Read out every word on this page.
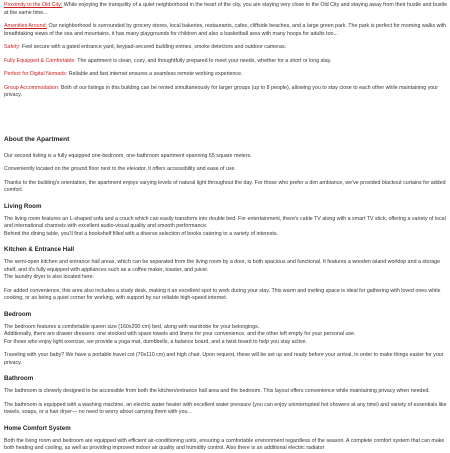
Proximity to the Old City: While enjoying the tranquility of a quiet neighborhood in the heart of the city, you are staying very close to the Old City and staying away from their hustle and bustle at the same time...

Amenities Around: Our neighborhood is surrounded by grocery stores, local bakeries, restaurants, cafes, cliffside beaches, and a large green park. The park is perfect for morning walks with breathtaking views of the sea and mountains, it has many playgrounds for children and also a basketball area with many hoops for adults too...

Safety: Feel secure with a gated entrance yard, keypad-secured building entries, smoke detectors and outdoor cameras.

Fully Equipped & Comfortable: The apartment is clean, cozy, and thoughtfully prepared to meet your needs, whether for a short or long stay.

Perfect for Digital Nomads: Reliable and fast internet ensures a seamless remote working experience.

Group Accommodation: Both of our listings in this building can be rented simultaneously for larger groups (up to 8 people), allowing you to stay close to each other while maintaining your privacy.

About the Apartment

Our second listing is a fully equipped one-bedroom, one-bathroom apartment spanning 65 square meters.

Conveniently located on the ground floor next to the elevator, it offers accessibility and ease of use.

Thanks to the building's orientation, the apartment enjoys varying levels of natural light throughout the day. For those who prefer a dim ambiance, we've provided blackout curtains for added comfort.

Living Room

The living room features an L-shaped sofa and a couch which can easily transform into double bed. For entertainment, there's cable TV along with a smart TV stick, offering a variety of local and international channels with excellent audio-visual quality and smooth performance.

Behind the dining table, you'll find a bookshelf filled with a diverse selection of books catering to a variety of interests.

Kitchen & Entrance Hall

The semi-open kitchen and entrance hall areas, which can be separated from the living room by a door, is both spacious and functional. It features a wooden island worktop and a storage shelf, and it's fully equipped with appliances such as a coffee maker, toaster, and juicer.

The laundry dryer is also located here.

For added convenience, this area also includes a study desk, making it an excellent spot to work during your stay. This warm and inviting space is ideal for gathering with loved ones while cooking, or as being a quiet corner for working, with support by our reliable high-speed internet.

Bedroom

The bedroom features a comfortable queen size (160x200 cm) bed, along with wardrobe for your belongings.

Additionally, there are drawer dressers: one stocked with spare towels and linens for your convenience, and the other left empty for your personal use.

For those who enjoy light exercise, we provide a yoga mat, dumbbells, a balance board, and a twist board to help you stay active.

Traveling with your baby? We have a portable travel cot (70x110 cm) and high chair. Upon request, these will be set up and ready before your arrival, in order to make things easier for your privacy.

Bathroom

The bathroom is cleverly designed to be accessible from both the kitchen/entrance hall area and the bedroom. This layout offers convenience while maintaining privacy when needed.

The bathroom is equipped with a washing machine, an electric water heater with excellent water pressure (you can enjoy uninterrupted hot showers at any time) and variety of essentials like towels, soaps, or a hair dryer— no need to worry about carrying them with you...

Home Comfort System

Both the living room and bedroom are equipped with efficient air-conditioning units, ensuring a comfortable environment regardless of the season. A complete comfort system that can make both heating and cooling, as well as providing improved indoor air quality and humidity control. Also there is an additional electric radiator
